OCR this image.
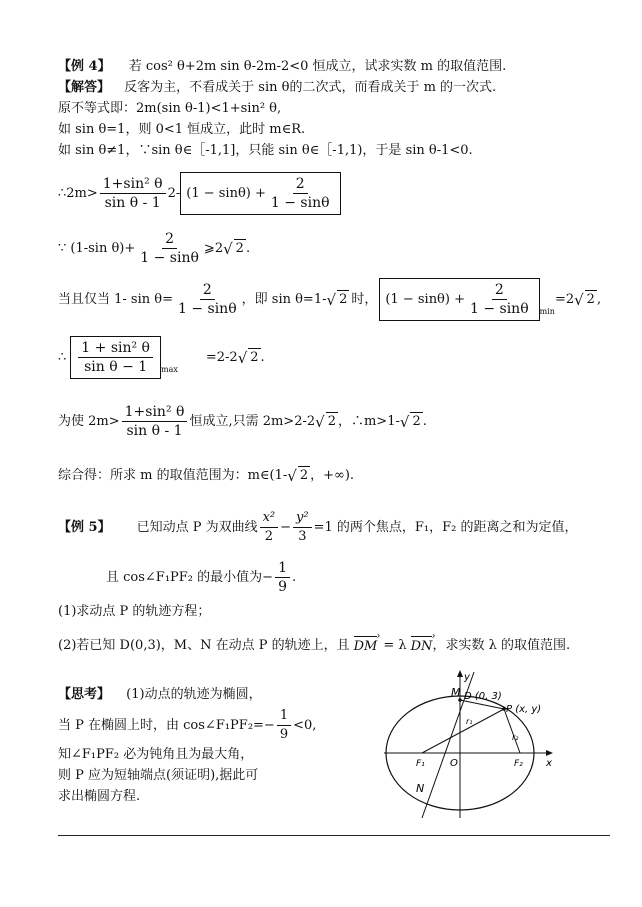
【例 4】 若 cos² θ+2m sin θ-2m-2<0 恒成立，试求实数 m 的取值范围.
【解答】 反客为主，不看成关于 sin θ的二次式，而看成关于 m 的一次式.
原不等式即：2m(sin θ-1)<1+sin² θ,
如 sin θ=1，则 0<1 恒成立，此时 m∈R.
如 sin θ≠1，∵sin θ∈［-1,1]，只能 sin θ∈［-1,1)，于是 sin θ-1<0.
∴2m> $\frac{\text{1+sin² θ}}{\text{sin θ - 1}} 2-$ $(1 - \sin\theta) + \frac{2}{1 - \sin\theta}$
∵ (1-sin $\theta)+ \frac{2}{1 - \sin\theta}$ ⩾2 √ 2 .
当且仅当 1- $\sin \theta= \frac{2}{1 - \sin\theta}$ ，即 sin θ=1- √ 2 时， $(1 - \sin\theta) + \frac{2}{1 - \sin\theta}$ min
=2 √ 2 ,
∴ $\frac{\text{1 + sin² θ}}{\text{sin θ − 1}}$ max
=2-2 √ 2 .
为使 $2m> \frac{\text{1+sin² θ}}{\text{sin θ - 1}}$ 恒成立,只需 2m>2-2 √ 2 ，∴m>1- √ 2 .
综合得：所求 m 的取值范围为：m∈(1- √ 2 ，+∞).
【例 5】 已知动点 P 为双曲线 $\frac{\text{x²}}{2} - \frac{\text{y²}}{3} =1$ 的两个焦点，F₁，F₂ 的距离之和为定值，
且 cos∠F₁PF₂ 的最小值为 − $\frac{1}{9}$ .
(1)求动点 P 的轨迹方程；
(2)若已知 D(0,3)，M、N 在动点 P 的轨迹上，且 DM › = λ DN › ，求实数 λ 的取值范围.
【思考】 (1)动点的轨迹为椭圆，
当 P 在椭圆上时，由 cos∠F₁PF₂=− $\frac{1}{9} <0$,
知∠F₁PF₂ 必为钝角且为最大角，
则 P 应为短轴端点(须证明),据此可
求出椭圆方程.
y
x
M D (0, 3)
P (x, y)
r₁
r₂
F₁	O	F₂
N
